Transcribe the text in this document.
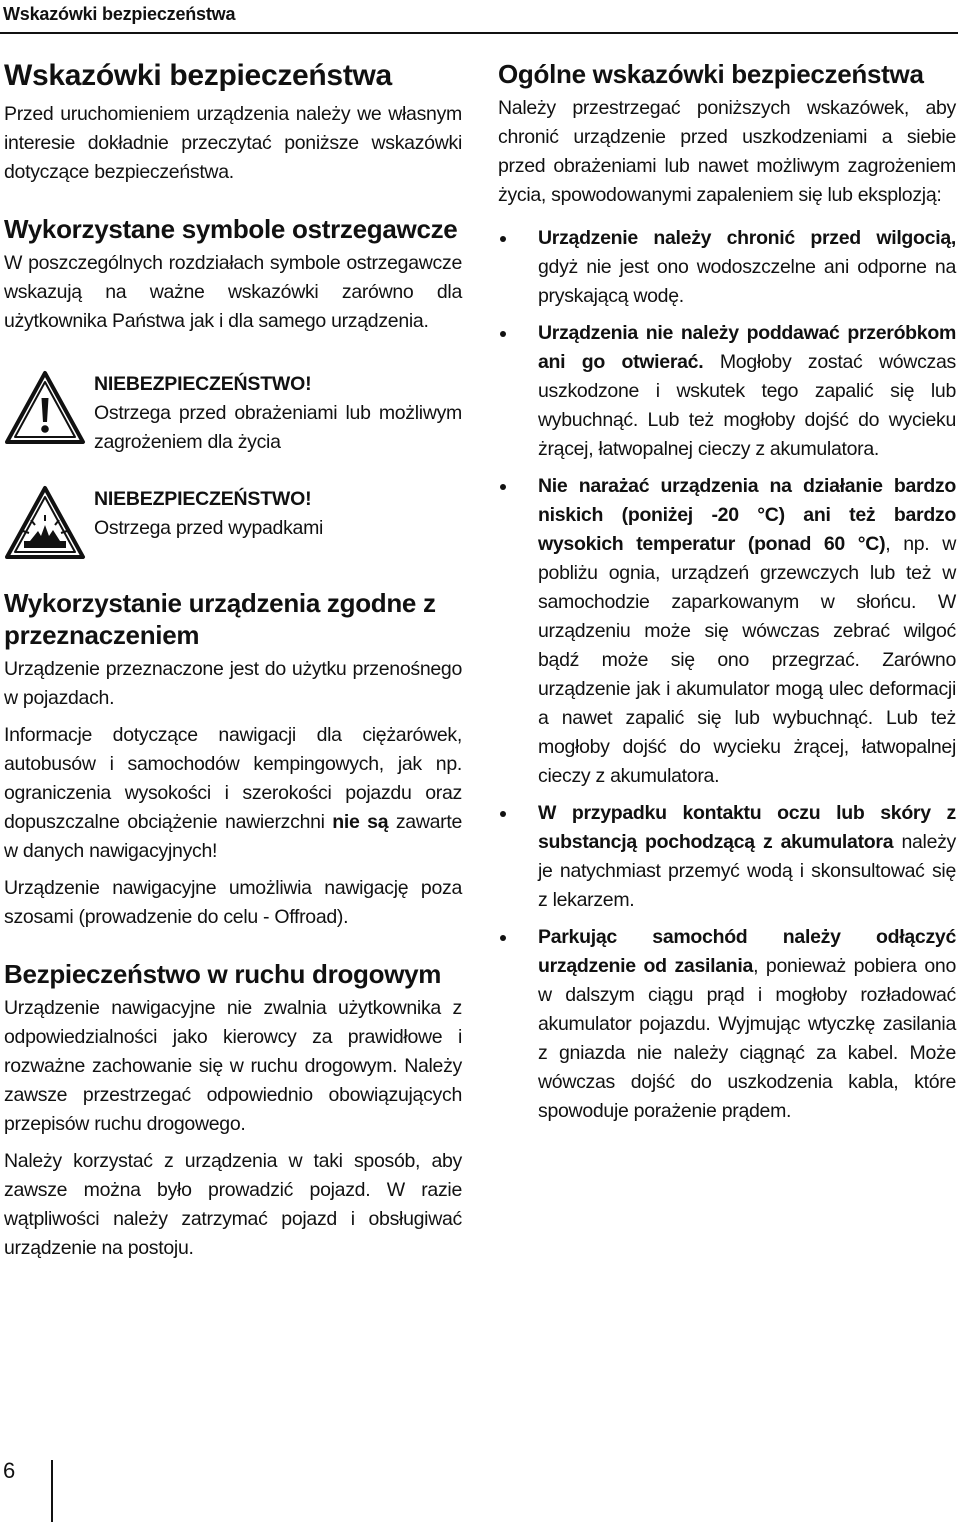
Wskazówki bezpieczeństwa
Wskazówki bezpieczeństwa

Przed uruchomieniem urządzenia należy we własnym interesie dokładnie przeczytać poniższe wskazówki dotyczące bezpieczeństwa.

Wykorzystane symbole ostrzegawcze

W poszczególnych rozdziałach symbole ostrzegawcze wskazują na ważne wskazówki zarówno dla użytkownika Państwa jak i dla samego urządzenia.

NIEBEZPIECZEŃSTWO!

Ostrzega przed obrażeniami lub możliwym zagrożeniem dla życia

NIEBEZPIECZEŃSTWO!

Ostrzega przed wypadkami

Wykorzystanie urządzenia zgodne z przeznaczeniem

Urządzenie przeznaczone jest do użytku przenośnego w pojazdach.

Informacje dotyczące nawigacji dla ciężarówek, autobusów i samochodów kempingowych, jak np. ograniczenia wysokości i szerokości pojazdu oraz dopuszczalne obciążenie nawierzchni nie są zawarte w danych nawigacyjnych!

Urządzenie nawigacyjne umożliwia nawigację poza szosami (prowadzenie do celu - Offroad).

Bezpieczeństwo w ruchu drogowym

Urządzenie nawigacyjne nie zwalnia użytkownika z odpowiedzialności jako kierowcy za prawidłowe i rozważne zachowanie się w ruchu drogowym. Należy zawsze przestrzegać odpowiednio obowiązujących przepisów ruchu drogowego.

Należy korzystać z urządzenia w taki sposób, aby zawsze można było prowadzić pojazd. W razie wątpliwości należy zatrzymać pojazd i obsługiwać urządzenie na postoju.

Ogólne wskazówki bezpieczeństwa

Należy przestrzegać poniższych wskazówek, aby chronić urządzenie przed uszkodzeniami a siebie przed obrażeniami lub nawet możliwym zagrożeniem życia, spowodowanymi zapaleniem się lub eksplozją:

Urządzenie należy chronić przed wilgocią, gdyż nie jest ono wodoszczelne ani odporne na pryskającą wodę.
Urządzenia nie należy poddawać przeróbkom ani go otwierać. Mogłoby zostać wówczas uszkodzone i wskutek tego zapalić się lub wybuchnąć. Lub też mogłoby dojść do wycieku żrącej, łatwopalnej cieczy z akumulatora.
Nie narażać urządzenia na działanie bardzo niskich (poniżej -20 °C) ani też bardzo wysokich temperatur (ponad 60 °C), np. w pobliżu ognia, urządzeń grzewczych lub też w samochodzie zaparkowanym w słońcu. W urządzeniu może się wówczas zebrać wilgoć bądź może się ono przegrzać. Zarówno urządzenie jak i akumulator mogą ulec deformacji a nawet zapalić się lub wybuchnąć. Lub też mogłoby dojść do wycieku żrącej, łatwopalnej cieczy z akumulatora.
W przypadku kontaktu oczu lub skóry z substancją pochodzącą z akumulatora należy je natychmiast przemyć wodą i skonsultować się z lekarzem.
Parkując samochód należy odłączyć urządzenie od zasilania, ponieważ pobiera ono w dalszym ciągu prąd i mogłoby rozładować akumulator pojazdu. Wyjmując wtyczkę zasilania z gniazda nie należy ciągnąć za kabel. Może wówczas dojść do uszkodzenia kabla, które spowoduje porażenie prądem.
6
